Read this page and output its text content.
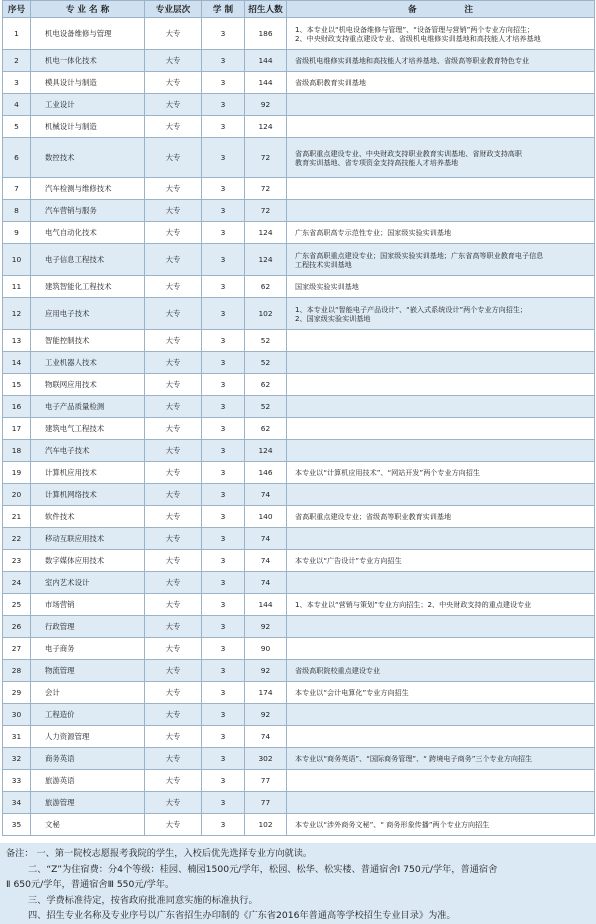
序号	专 业 名 称	专业层次	学 制	招生人数	备                注
1	机电设备维修与管理	大专	3	186	1、本专业以“机电设备维修与管理”、“设备管理与营销”两个专业方向招生；
2、中央财政支持重点建设专业、省级机电维修实训基地和高技能人才培养基地
2	机电一体化技术	大专	3	144	省级机电维修实训基地和高技能人才培养基地、省级高等职业教育特色专业
3	模具设计与制造	大专	3	144	省级高职教育实训基地
4	工业设计	大专	3	92	
5	机械设计与制造	大专	3	124	
6	数控技术	大专	3	72	省高职重点建设专业、中央财政支持职业教育实训基地、省财政支持高职
教育实训基地、省专项资金支持高技能人才培养基地
7	汽车检测与维修技术	大专	3	72	
8	汽车营销与服务	大专	3	72	
9	电气自动化技术	大专	3	124	广东省高职高专示范性专业；国家级实验实训基地
10	电子信息工程技术	大专	3	124	广东省高职重点建设专业；国家级实验实训基地；广东省高等职业教育电子信息
工程技术实训基地
11	建筑智能化工程技术	大专	3	62	国家级实验实训基地
12	应用电子技术	大专	3	102	1、本专业以“智能电子产品设计”、“嵌入式系统设计”两个专业方向招生；
2、国家级实验实训基地
13	智能控制技术	大专	3	52	
14	工业机器人技术	大专	3	52	
15	物联网应用技术	大专	3	62	
16	电子产品质量检测	大专	3	52	
17	建筑电气工程技术	大专	3	62	
18	汽车电子技术	大专	3	124	
19	计算机应用技术	大专	3	146	本专业以“计算机应用技术”、“网站开发”两个专业方向招生
20	计算机网络技术	大专	3	74	
21	软件技术	大专	3	140	省高职重点建设专业；省级高等职业教育实训基地
22	移动互联应用技术	大专	3	74	
23	数字媒体应用技术	大专	3	74	本专业以“广告设计”专业方向招生
24	室内艺术设计	大专	3	74	
25	市场营销	大专	3	144	1、本专业以“营销与策划”专业方向招生；2、中央财政支持的重点建设专业
26	行政管理	大专	3	92	
27	电子商务	大专	3	90	
28	物流管理	大专	3	92	省级高职院校重点建设专业
29	会计	大专	3	174	本专业以“会计电算化”专业方向招生
30	工程造价	大专	3	92	
31	人力资源管理	大专	3	74	
32	商务英语	大专	3	302	本专业以“商务英语”、“国际商务管理”、“ 跨境电子商务”三个专业方向招生
33	旅游英语	大专	3	77	
34	旅游管理	大专	3	77	
35	文秘	大专	3	102	本专业以“涉外商务文秘”、“ 商务形象传播”两个专业方向招生
备注： 一、第一院校志愿报考我院的学生，入校后优先选择专业方向就读。
二、“Z”为住宿费：分4个等级：桂园、楠园1500元/学年，松园、松华、松实楼、普通宿舍Ⅰ 750元/学年，普通宿舍
Ⅱ 650元/学年，普通宿舍Ⅲ 550元/学年。
三、学费标准待定，按省政府批准同意实施的标准执行。
四、招生专业名称及专业序号以广东省招生办印制的《广东省2016年普通高等学校招生专业目录》为准。
